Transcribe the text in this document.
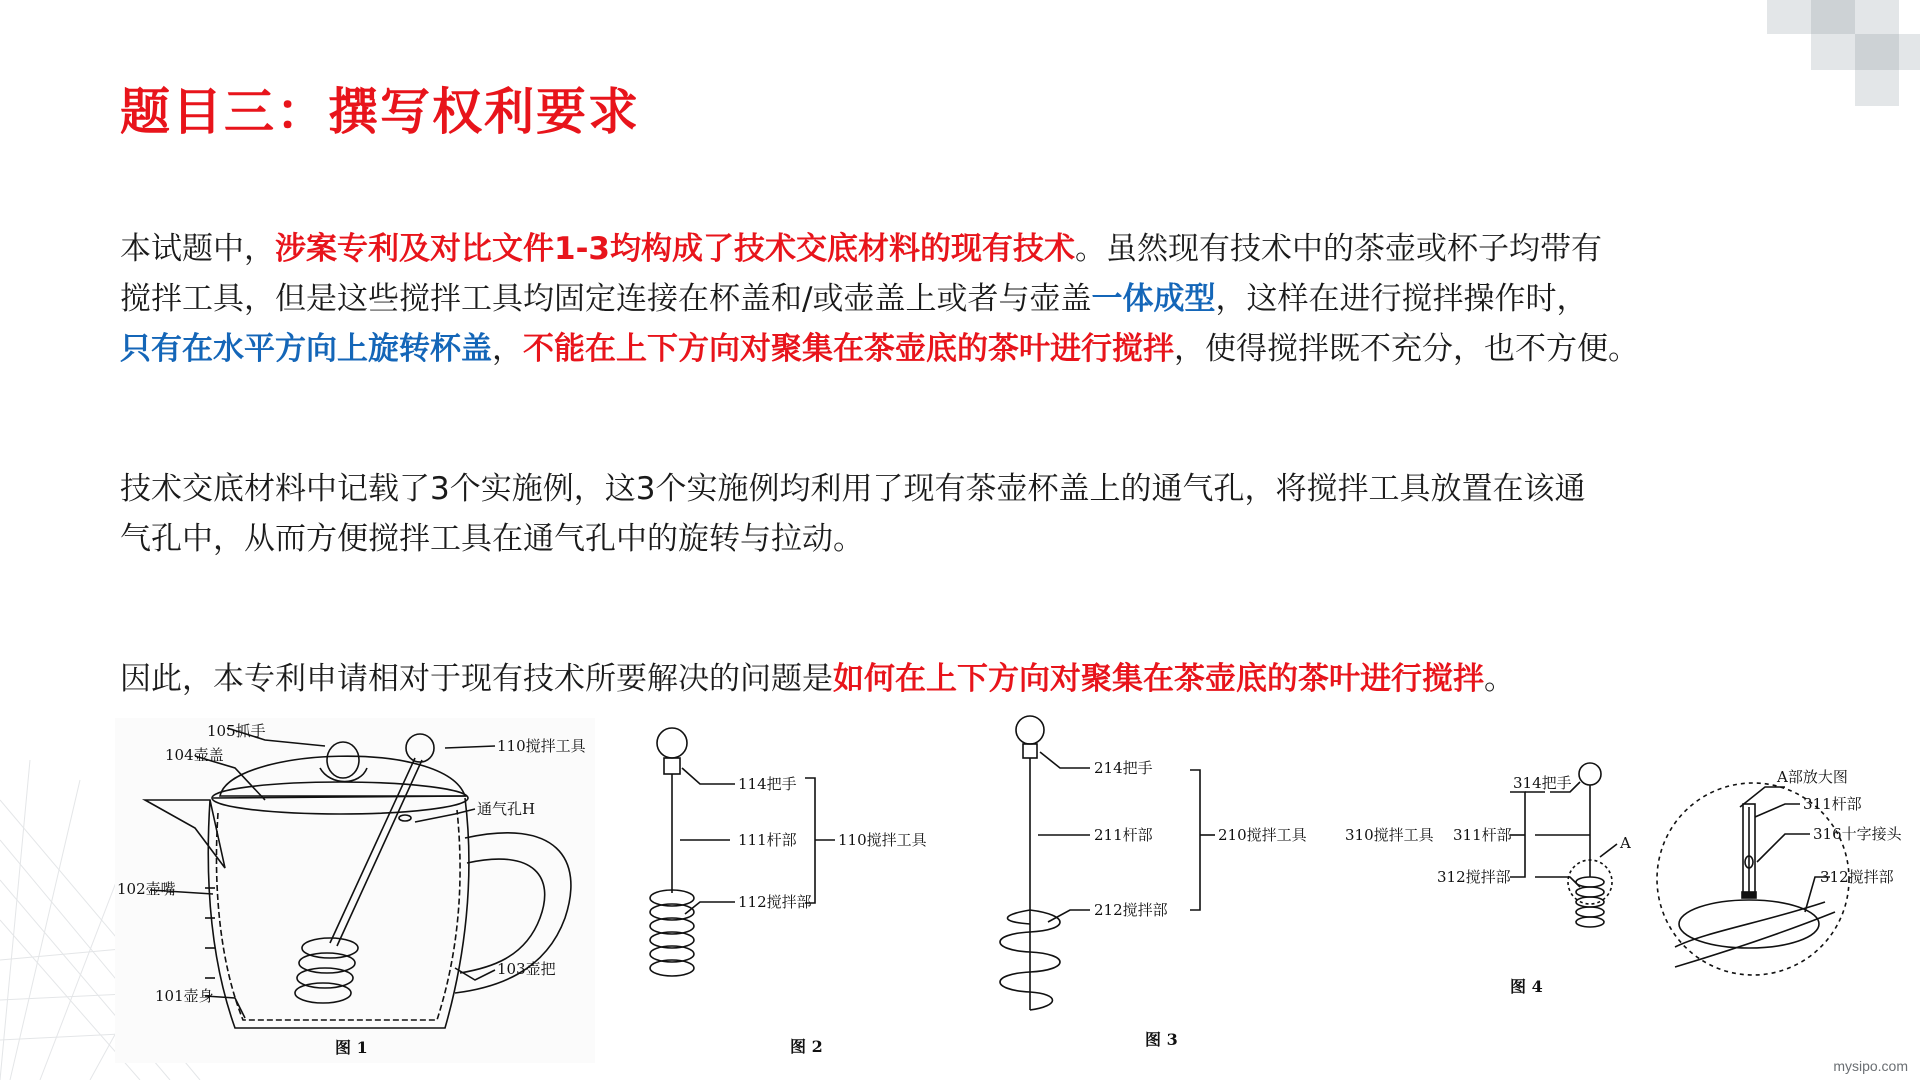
题目三：撰写权利要求
本试题中，涉案专利及对比文件1-3均构成了技术交底材料的现有技术。虽然现有技术中的茶壶或杯子均带有
搅拌工具，但是这些搅拌工具均固定连接在杯盖和/或壶盖上或者与壶盖一体成型，这样在进行搅拌操作时，
只有在水平方向上旋转杯盖，不能在上下方向对聚集在茶壶底的茶叶进行搅拌，使得搅拌既不充分，也不方便。
技术交底材料中记载了3个实施例，这3个实施例均利用了现有茶壶杯盖上的通气孔，将搅拌工具放置在该通
气孔中，从而方便搅拌工具在通气孔中的旋转与拉动。
因此，本专利申请相对于现有技术所要解决的问题是如何在上下方向对聚集在茶壶底的茶叶进行搅拌。
105抓手
104壶盖	110搅拌工具
通气孔H
102壶嘴
103壶把
101壶身
图 1
114把手
111杆部	110搅拌工具
112搅拌部
图 2
214把手
211杆部	210搅拌工具
212搅拌部
图 3
314把手
310搅拌工具 311杆部	A
312搅拌部
A部放大图
311杆部
316十字接头
312搅拌部
图 4
mysipo.com
